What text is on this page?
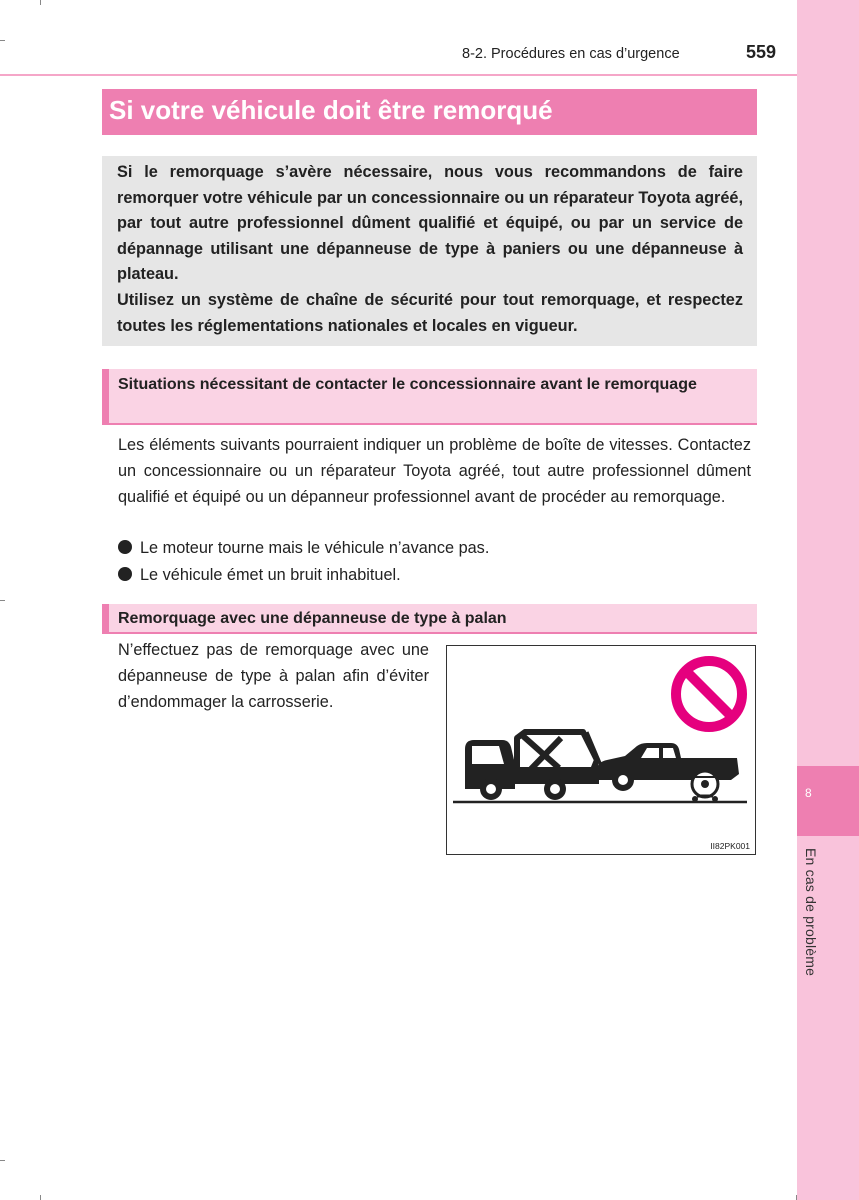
8-2. Procédures en cas d’urgence	559
8
En cas de problème
Si votre véhicule doit être remorqué

Si le remorquage s’avère nécessaire, nous vous recommandons de faire remorquer votre véhicule par un concessionnaire ou un réparateur Toyota agréé, par tout autre professionnel dûment qualifié et équipé, ou par un service de dépannage utilisant une dépanneuse de type à paniers ou une dépanneuse à plateau.

Utilisez un système de chaîne de sécurité pour tout remorquage, et respectez toutes les réglementations nationales et locales en vigueur.

Situations nécessitant de contacter le concessionnaire avant le remorquage
Les éléments suivants pourraient indiquer un problème de boîte de vitesses. Contactez un concessionnaire ou un réparateur Toyota agréé, tout autre professionnel dûment qualifié et équipé ou un dépanneur professionnel avant de procéder au remorquage.
Le moteur tourne mais le véhicule n’avance pas.
Le véhicule émet un bruit inhabituel.
Remorquage avec une dépanneuse de type à palan
N’effectuez pas de remorquage avec une dépanneuse de type à palan afin d’éviter d’endommager la carrosserie.
II82PK001
